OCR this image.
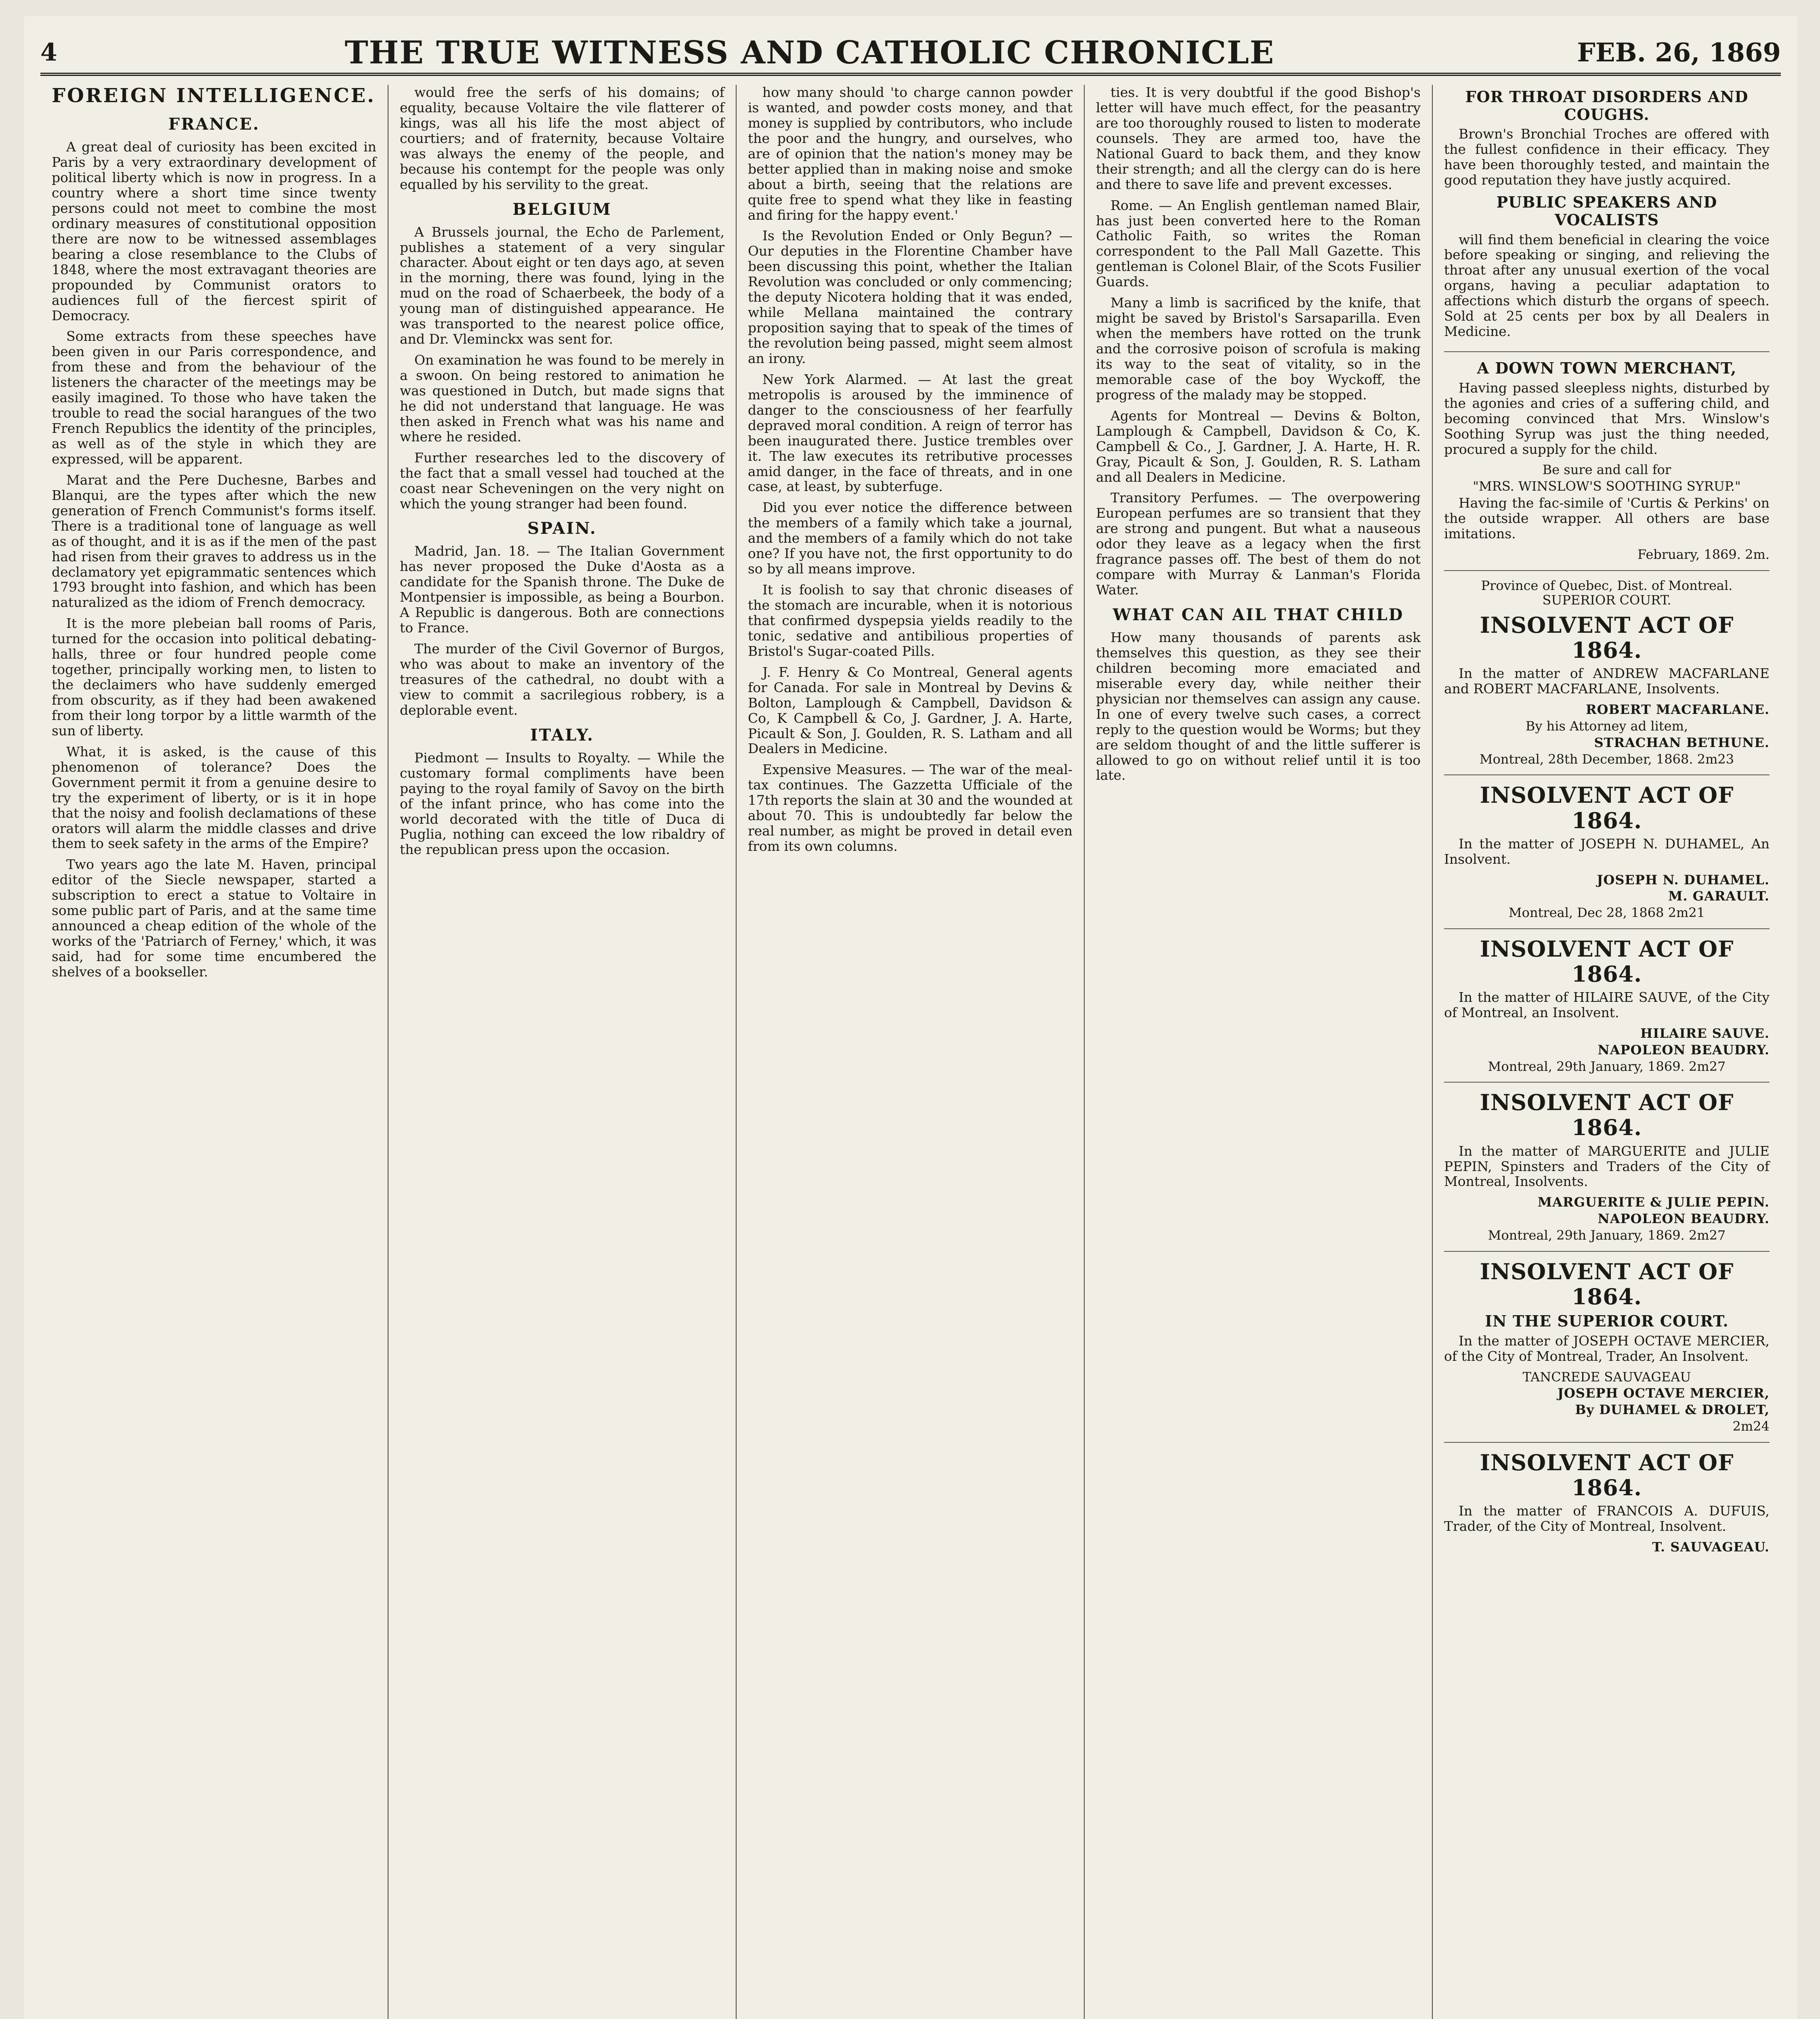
4	THE TRUE WITNESS AND CATHOLIC CHRONICLE	FEB. 26, 1869
FOREIGN INTELLIGENCE.
FRANCE.

A great deal of curiosity has been excited in Paris by a very extraordinary development of political liberty which is now in progress. In a country where a short time since twenty persons could not meet to combine the most ordinary measures of constitutional opposition there are now to be witnessed assemblages bearing a close resemblance to the Clubs of 1848, where the most extravagant theories are propounded by Communist orators to audiences full of the fiercest spirit of Democracy.

Some extracts from these speeches have been given in our Paris correspondence, and from these and from the behaviour of the listeners the character of the meetings may be easily imagined. To those who have taken the trouble to read the social harangues of the two French Republics the identity of the principles, as well as of the style in which they are expressed, will be apparent.

Marat and the Pere Duchesne, Barbes and Blanqui, are the types after which the new generation of French Communist's forms itself. There is a traditional tone of language as well as of thought, and it is as if the men of the past had risen from their graves to address us in the declamatory yet epigrammatic sentences which 1793 brought into fashion, and which has been naturalized as the idiom of French democracy.

It is the more plebeian ball rooms of Paris, turned for the occasion into political debating-halls, three or four hundred people come together, principally working men, to listen to the declaimers who have suddenly emerged from obscurity, as if they had been awakened from their long torpor by a little warmth of the sun of liberty.

What, it is asked, is the cause of this phenomenon of tolerance? Does the Government permit it from a genuine desire to try the experiment of liberty, or is it in hope that the noisy and foolish declamations of these orators will alarm the middle classes and drive them to seek safety in the arms of the Empire?

Two years ago the late M. Haven, principal editor of the Siecle newspaper, started a subscription to erect a statue to Voltaire in some public part of Paris, and at the same time announced a cheap edition of the whole of the works of the 'Patriarch of Ferney,' which, it was said, had for some time encumbered the shelves of a bookseller.

would free the serfs of his domains; of equality, because Voltaire the vile flatterer of kings, was all his life the most abject of courtiers; and of fraternity, because Voltaire was always the enemy of the people, and because his contempt for the people was only equalled by his servility to the great.

BELGIUM

A Brussels journal, the Echo de Parlement, publishes a statement of a very singular character. About eight or ten days ago, at seven in the morning, there was found, lying in the mud on the road of Schaerbeek, the body of a young man of distinguished appearance. He was transported to the nearest police office, and Dr. Vleminckx was sent for.

On examination he was found to be merely in a swoon. On being restored to animation he was questioned in Dutch, but made signs that he did not understand that language. He was then asked in French what was his name and where he resided.

Further researches led to the discovery of the fact that a small vessel had touched at the coast near Scheveningen on the very night on which the young stranger had been found.

SPAIN.

Madrid, Jan. 18. — The Italian Government has never proposed the Duke d'Aosta as a candidate for the Spanish throne. The Duke de Montpensier is impossible, as being a Bourbon. A Republic is dangerous. Both are connections to France.

The murder of the Civil Governor of Burgos, who was about to make an inventory of the treasures of the cathedral, no doubt with a view to commit a sacrilegious robbery, is a deplorable event.

ITALY.

Piedmont — Insults to Royalty. — While the customary formal compliments have been paying to the royal family of Savoy on the birth of the infant prince, who has come into the world decorated with the title of Duca di Puglia, nothing can exceed the low ribaldry of the republican press upon the occasion.

how many should 'to charge cannon powder is wanted, and powder costs money, and that money is supplied by contributors, who include the poor and the hungry, and ourselves, who are of opinion that the nation's money may be better applied than in making noise and smoke about a birth, seeing that the relations are quite free to spend what they like in feasting and firing for the happy event.'

Is the Revolution Ended or Only Begun? — Our deputies in the Florentine Chamber have been discussing this point, whether the Italian Revolution was concluded or only commencing; the deputy Nicotera holding that it was ended, while Mellana maintained the contrary proposition saying that to speak of the times of the revolution being passed, might seem almost an irony.

New York Alarmed. — At last the great metropolis is aroused by the imminence of danger to the consciousness of her fearfully depraved moral condition. A reign of terror has been inaugurated there. Justice trembles over it. The law executes its retributive processes amid danger, in the face of threats, and in one case, at least, by subterfuge.

Did you ever notice the difference between the members of a family which take a journal, and the members of a family which do not take one? If you have not, the first opportunity to do so by all means improve.

It is foolish to say that chronic diseases of the stomach are incurable, when it is notorious that confirmed dyspepsia yields readily to the tonic, sedative and antibilious properties of Bristol's Sugar-coated Pills.

J. F. Henry & Co Montreal, General agents for Canada. For sale in Montreal by Devins & Bolton, Lamplough & Campbell, Davidson & Co, K Campbell & Co, J. Gardner, J. A. Harte, Picault & Son, J. Goulden, R. S. Latham and all Dealers in Medicine.

Expensive Measures. — The war of the meal-tax continues. The Gazzetta Ufficiale of the 17th reports the slain at 30 and the wounded at about 70. This is undoubtedly far below the real number, as might be proved in detail even from its own columns.

ties. It is very doubtful if the good Bishop's letter will have much effect, for the peasantry are too thoroughly roused to listen to moderate counsels. They are armed too, have the National Guard to back them, and they know their strength; and all the clergy can do is here and there to save life and prevent excesses.

Rome. — An English gentleman named Blair, has just been converted here to the Roman Catholic Faith, so writes the Roman correspondent to the Pall Mall Gazette. This gentleman is Colonel Blair, of the Scots Fusilier Guards.

Many a limb is sacrificed by the knife, that might be saved by Bristol's Sarsaparilla. Even when the members have rotted on the trunk and the corrosive poison of scrofula is making its way to the seat of vitality, so in the memorable case of the boy Wyckoff, the progress of the malady may be stopped.

Agents for Montreal — Devins & Bolton, Lamplough & Campbell, Davidson & Co, K. Campbell & Co., J. Gardner, J. A. Harte, H. R. Gray, Picault & Son, J. Goulden, R. S. Latham and all Dealers in Medicine.

Transitory Perfumes. — The overpowering European perfumes are so transient that they are strong and pungent. But what a nauseous odor they leave as a legacy when the first fragrance passes off. The best of them do not compare with Murray & Lanman's Florida Water.

WHAT CAN AIL THAT CHILD

How many thousands of parents ask themselves this question, as they see their children becoming more emaciated and miserable every day, while neither their physician nor themselves can assign any cause. In one of every twelve such cases, a correct reply to the question would be Worms; but they are seldom thought of and the little sufferer is allowed to go on without relief until it is too late.

FOR THROAT DISORDERS AND COUGHS.

Brown's Bronchial Troches are offered with the fullest confidence in their efficacy. They have been thoroughly tested, and maintain the good reputation they have justly acquired.

PUBLIC SPEAKERS AND VOCALISTS

will find them beneficial in clearing the voice before speaking or singing, and relieving the throat after any unusual exertion of the vocal organs, having a peculiar adaptation to affections which disturb the organs of speech. Sold at 25 cents per box by all Dealers in Medicine.

A DOWN TOWN MERCHANT,

Having passed sleepless nights, disturbed by the agonies and cries of a suffering child, and becoming convinced that Mrs. Winslow's Soothing Syrup was just the thing needed, procured a supply for the child.

Be sure and call for
"MRS. WINSLOW'S SOOTHING SYRUP."

Having the fac-simile of 'Curtis & Perkins' on the outside wrapper. All others are base imitations.

February, 1869. 2m.
Province of Quebec, Dist. of Montreal. SUPERIOR COURT.
INSOLVENT ACT OF 1864.

In the matter of ANDREW MACFARLANE and ROBERT MACFARLANE, Insolvents.

ROBERT MACFARLANE.
By his Attorney ad litem,
STRACHAN BETHUNE.
Montreal, 28th December, 1868. 2m23
INSOLVENT ACT OF 1864.

In the matter of JOSEPH N. DUHAMEL, An Insolvent.

JOSEPH N. DUHAMEL.
M. GARAULT.
Montreal, Dec 28, 1868 2m21
INSOLVENT ACT OF 1864.

In the matter of HILAIRE SAUVE, of the City of Montreal, an Insolvent.

HILAIRE SAUVE.
NAPOLEON BEAUDRY.
Montreal, 29th January, 1869. 2m27
INSOLVENT ACT OF 1864.

In the matter of MARGUERITE and JULIE PEPIN, Spinsters and Traders of the City of Montreal, Insolvents.

MARGUERITE & JULIE PEPIN.
NAPOLEON BEAUDRY.
Montreal, 29th January, 1869. 2m27
INSOLVENT ACT OF 1864.
IN THE SUPERIOR COURT.

In the matter of JOSEPH OCTAVE MERCIER, of the City of Montreal, Trader, An Insolvent.

TANCREDE SAUVAGEAU
JOSEPH OCTAVE MERCIER,
By DUHAMEL & DROLET,
2m24
INSOLVENT ACT OF 1864.

In the matter of FRANCOIS A. DUFUIS, Trader, of the City of Montreal, Insolvent.

T. SAUVAGEAU.
